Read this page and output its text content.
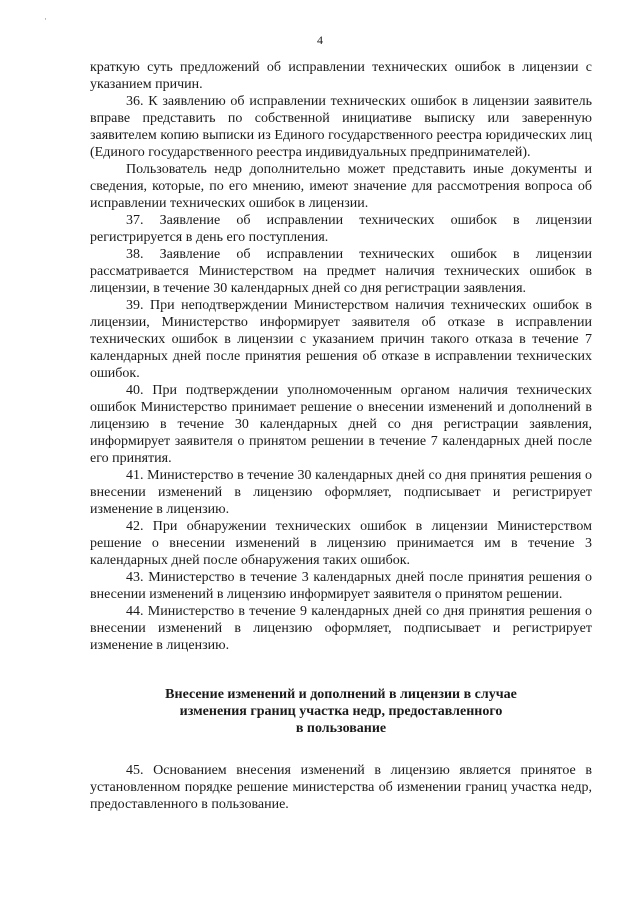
·
4

краткую суть предложений об исправлении технических ошибок в лицензии с указанием причин.

36. К заявлению об исправлении технических ошибок в лицензии заявитель вправе представить по собственной инициативе выписку или заверенную заявителем копию выписки из Единого государственного реестра юридических лиц (Единого государственного реестра индивидуальных предпринимателей).

Пользователь недр дополнительно может представить иные документы и сведения, которые, по его мнению, имеют значение для рассмотрения вопроса об исправлении технических ошибок в лицензии.

37. Заявление об исправлении технических ошибок в лицензии регистрируется в день его поступления.

38. Заявление об исправлении технических ошибок в лицензии рассматривается Министерством на предмет наличия технических ошибок в лицензии, в течение 30 календарных дней со дня регистрации заявления.

39. При неподтверждении Министерством наличия технических ошибок в лицензии, Министерство информирует заявителя об отказе в исправлении технических ошибок в лицензии с указанием причин такого отказа в течение 7 календарных дней после принятия решения об отказе в исправлении технических ошибок.

40. При подтверждении уполномоченным органом наличия технических ошибок Министерство принимает решение о внесении изменений и дополнений в лицензию в течение 30 календарных дней со дня регистрации заявления, информирует заявителя о принятом решении в течение 7 календарных дней после его принятия.

41. Министерство в течение 30 календарных дней со дня принятия решения о внесении изменений в лицензию оформляет, подписывает и регистрирует изменение в лицензию.

42. При обнаружении технических ошибок в лицензии Министерством решение о внесении изменений в лицензию принимается им в течение 3 календарных дней после обнаружения таких ошибок.

43. Министерство в течение 3 календарных дней после принятия решения о внесении изменений в лицензию информирует заявителя о принятом решении.

44. Министерство в течение 9 календарных дней со дня принятия решения о внесении изменений в лицензию оформляет, подписывает и регистрирует изменение в лицензию.

Внесение изменений и дополнений в лицензии в случае
изменения границ участка недр, предоставленного
в пользование

45. Основанием внесения изменений в лицензию является принятое в установленном порядке решение министерства об изменении границ участка недр, предоставленного в пользование.
